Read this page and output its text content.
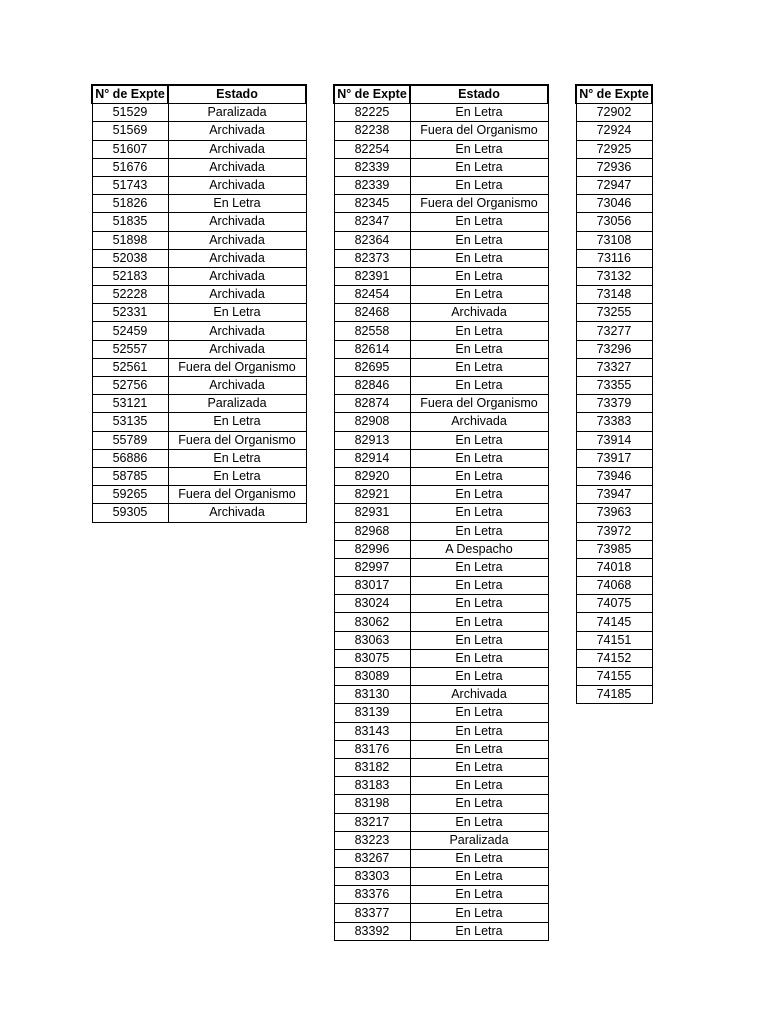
N° de Expte	Estado
51529	Paralizada
51569	Archivada
51607	Archivada
51676	Archivada
51743	Archivada
51826	En Letra
51835	Archivada
51898	Archivada
52038	Archivada
52183	Archivada
52228	Archivada
52331	En Letra
52459	Archivada
52557	Archivada
52561	Fuera del Organismo
52756	Archivada
53121	Paralizada
53135	En Letra
55789	Fuera del Organismo
56886	En Letra
58785	En Letra
59265	Fuera del Organismo
59305	Archivada
N° de Expte	Estado
82225	En Letra
82238	Fuera del Organismo
82254	En Letra
82339	En Letra
82339	En Letra
82345	Fuera del Organismo
82347	En Letra
82364	En Letra
82373	En Letra
82391	En Letra
82454	En Letra
82468	Archivada
82558	En Letra
82614	En Letra
82695	En Letra
82846	En Letra
82874	Fuera del Organismo
82908	Archivada
82913	En Letra
82914	En Letra
82920	En Letra
82921	En Letra
82931	En Letra
82968	En Letra
82996	A Despacho
82997	En Letra
83017	En Letra
83024	En Letra
83062	En Letra
83063	En Letra
83075	En Letra
83089	En Letra
83130	Archivada
83139	En Letra
83143	En Letra
83176	En Letra
83182	En Letra
83183	En Letra
83198	En Letra
83217	En Letra
83223	Paralizada
83267	En Letra
83303	En Letra
83376	En Letra
83377	En Letra
83392	En Letra
N° de Expte
72902
72924
72925
72936
72947
73046
73056
73108
73116
73132
73148
73255
73277
73296
73327
73355
73379
73383
73914
73917
73946
73947
73963
73972
73985
74018
74068
74075
74145
74151
74152
74155
74185
